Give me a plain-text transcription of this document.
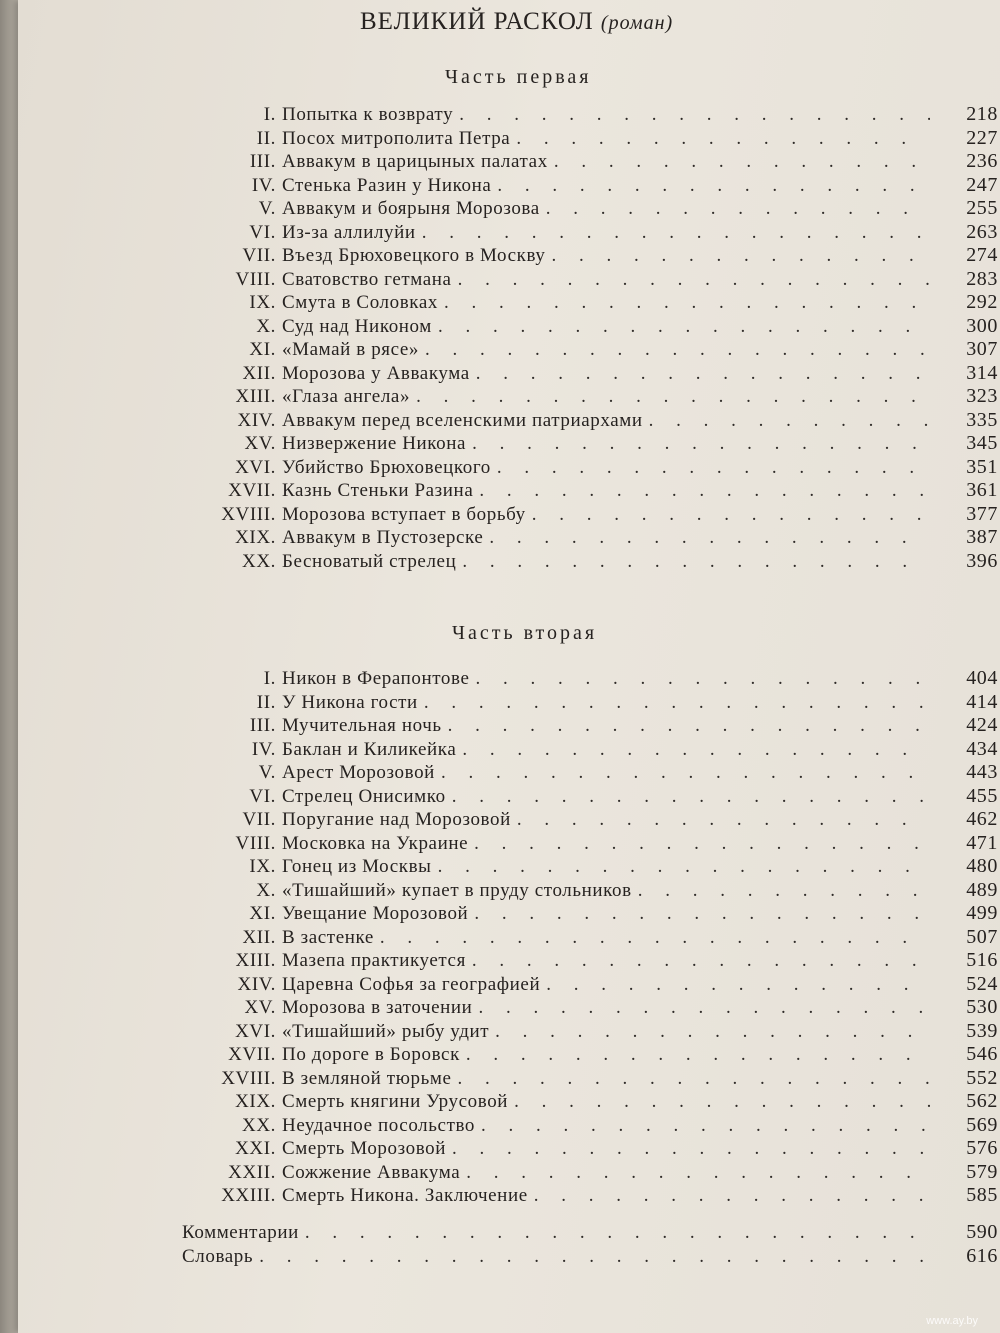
ВЕЛИКИЙ РАСКОЛ (роман)
Часть первая
I. Попытка к возврату . . .	218
II. Посох митрополита Петра . . .	227
III. Аввакум в царицыных палатах . . .	236
IV. Стенька Разин у Никона . . .	247
V. Аввакум и боярыня Морозова . . .	255
VI. Из-за аллилуйи . . .	263
VII. Въезд Брюховецкого в Москву . . .	274
VIII. Сватовство гетмана . . .	283
IX. Смута в Соловках . . .	292
X. Суд над Никоном . . .	300
XI. «Мамай в рясе» . . .	307
XII. Морозова у Аввакума . . .	314
XIII. «Глаза ангела» . . .	323
XIV. Аввакум перед вселенскими патриархами . . .	335
XV. Низвержение Никона . . .	345
XVI. Убийство Брюховецкого . . .	351
XVII. Казнь Стеньки Разина . . .	361
XVIII. Морозова вступает в борьбу . . .	377
XIX. Аввакум в Пустозерске . . .	387
XX. Бесноватый стрелец . . .	396
Часть вторая
I. Никон в Ферапонтове . . .	404
II. У Никона гости . . .	414
III. Мучительная ночь . . .	424
IV. Баклан и Киликейка . . .	434
V. Арест Морозовой . . .	443
VI. Стрелец Онисимко . . .	455
VII. Поругание над Морозовой . . .	462
VIII. Московка на Украине . . .	471
IX. Гонец из Москвы . . .	480
X. «Тишайший» купает в пруду стольников . . .	489
XI. Увещание Морозовой . . .	499
XII. В застенке . . .	507
XIII. Мазепа практикуется . . .	516
XIV. Царевна Софья за географией . . .	524
XV. Морозова в заточении . . .	530
XVI. «Тишайший» рыбу удит . . .	539
XVII. По дороге в Боровск . . .	546
XVIII. В земляной тюрьме . . .	552
XIX. Смерть княгини Урусовой . . .	562
XX. Неудачное посольство . . .	569
XXI. Смерть Морозовой . . .	576
XXII. Сожжение Аввакума . . .	579
XXIII. Смерть Никона. Заключение . . .	585
Комментарии . . .	590
Словарь . . .	616
www.ay.by
